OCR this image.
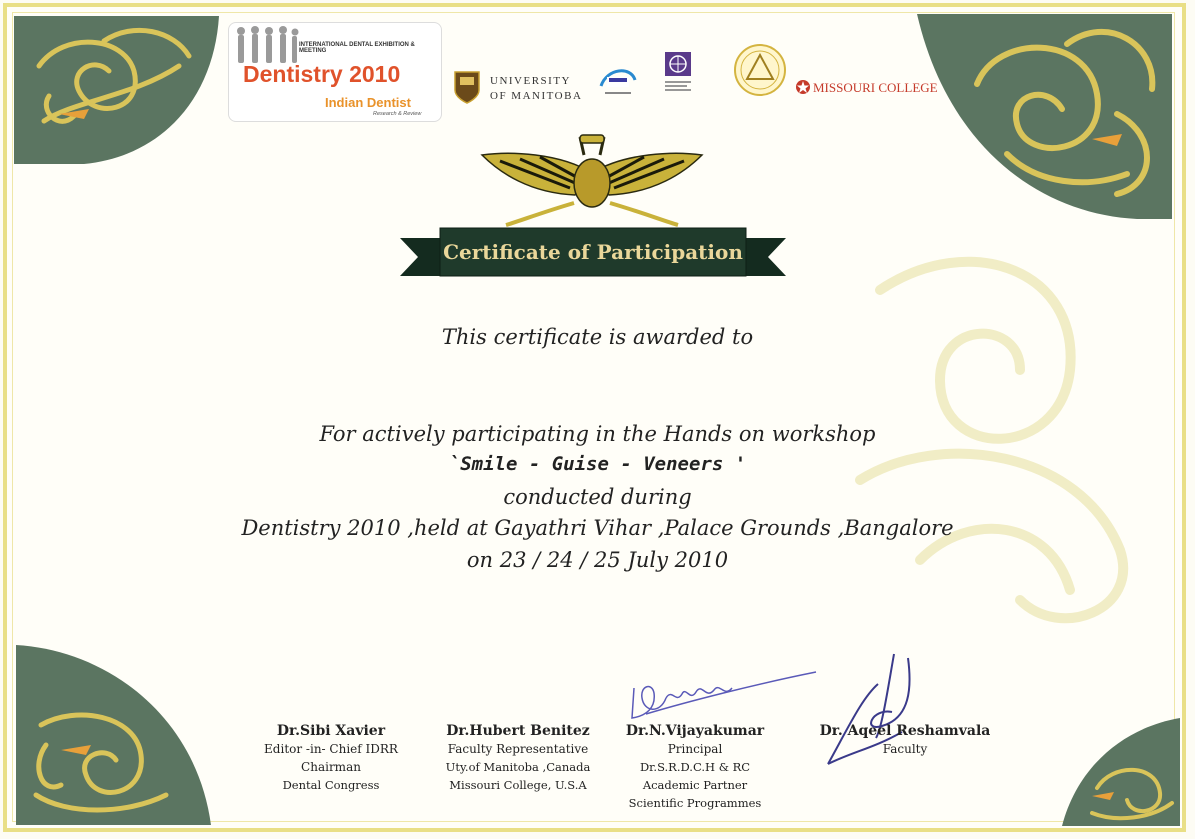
INTERNATIONAL DENTAL EXHIBITION & MEETING
Dentistry 2010
Indian Dentist
Research & Review
UNIVERSITY
OF MANITOBA
MISSOURI COLLEGE
Certificate of Participation
This certificate is awarded to
For actively participating in the Hands on workshop
`Smile - Guise - Veneers '
conducted during
Dentistry 2010 ,held at Gayathri Vihar ,Palace Grounds ,Bangalore
on 23 / 24 / 25 July 2010
Dr.Sibi Xavier
Editor -in- Chief IDRR
Chairman
Dental Congress
Dr.Hubert Benitez
Faculty Representative
Uty.of Manitoba ,Canada
Missouri College, U.S.A
Dr.N.Vijayakumar
Principal
Dr.S.R.D.C.H & RC
Academic Partner
Scientific Programmes
Dr. Aqeel Reshamvala
Faculty
